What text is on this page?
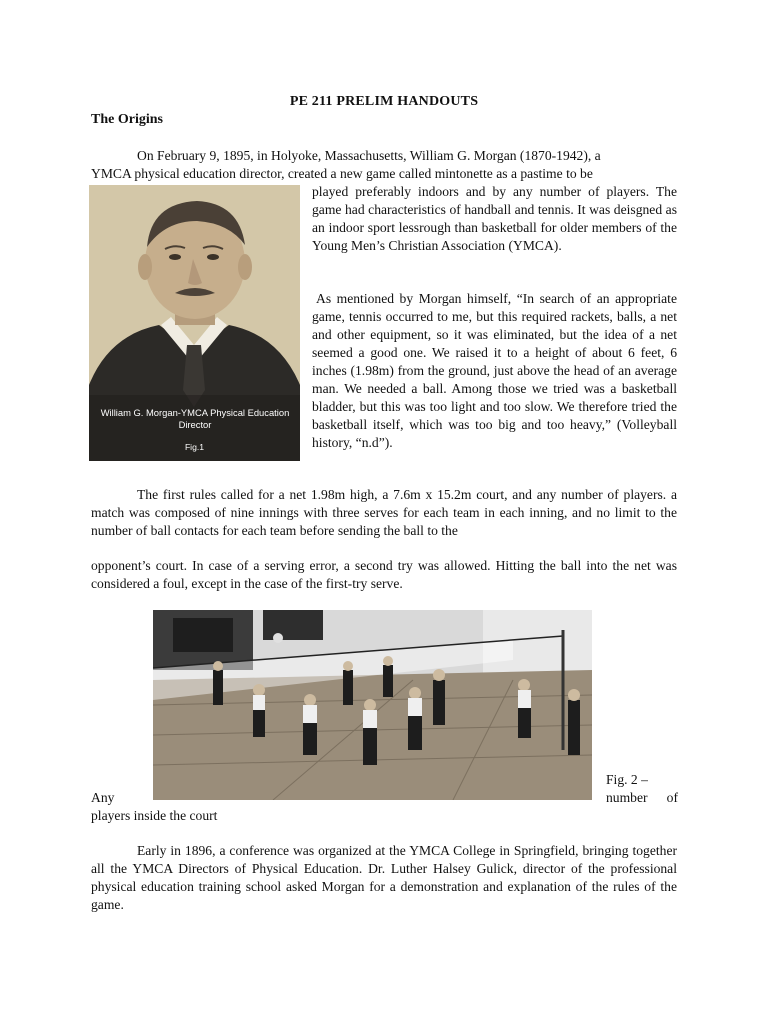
PE 211 PRELIM HANDOUTS
The Origins

On February 9, 1895, in Holyoke, Massachusetts, William G. Morgan (1870-1942), a

YMCA physical education director, created a new game called mintonette as a pastime to be

William G. Morgan-YMCA Physical Education Director
Fig.1

played preferably indoors and by any number of players. The game had characteristics of handball and tennis. It was deisgned as an indoor sport lessrough than basketball for older members of the Young Men’s Christian Association (YMCA).

As mentioned by Morgan himself, “In search of an appropriate game, tennis occurred to me, but this required rackets, balls, a net and other equipment, so it was eliminated, but the idea of a net seemed a good one. We raised it to a height of about 6 feet, 6 inches (1.98m) from the ground, just above the head of an average man. We needed a ball. Among those we tried was a basketball bladder, but this was too light and too slow. We therefore tried the basketball itself, which was too big and too heavy,” (Volleyball history, “n.d”).

The first rules called for a net 1.98m high, a 7.6m x 15.2m court, and any number of players. a match was composed of nine innings with three serves for each team in each inning, and no limit to the number of ball contacts for each team before sending the ball to the

opponent’s court. In case of a serving error, a second try was allowed. Hitting the ball into the net was considered a foul, except in the case of the first-try serve.

Fig. 2 –
Any	number of
players inside the court

Early in 1896, a conference was organized at the YMCA College in Springfield, bringing together all the YMCA Directors of Physical Education. Dr. Luther Halsey Gulick, director of the professional physical education training school asked Morgan for a demonstration and explanation of the rules of the game.
